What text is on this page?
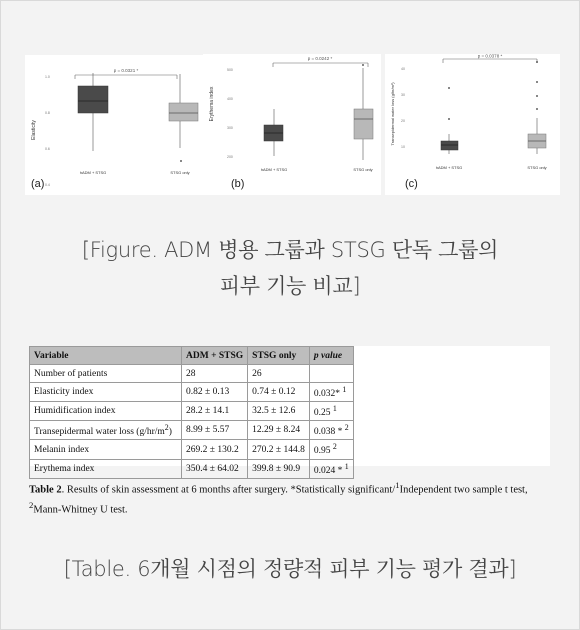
p = 0.0321 *
Elasticity
1.0
0.8
0.6
0.4
hADM + STSG	STSG only
(a)
p = 0.0242 *
Erythema index
500
400
300
200
hADM + STSG	STSG only
(b)
p = 0.0378 *
Transepidermal water loss (g/hr/m²)
40
30
20
10
hADM + STSG	STSG only
(c)
[Figure. ADM 병용 그룹과 STSG 단독 그룹의
피부 기능 비교]
Variable	ADM + STSG	STSG only	p value
Number of patients	28	26	
Elasticity index	0.82 ± 0.13	0.74 ± 0.12	0.032* $^1$
Humidification index	28.2 ± 14.1	32.5 ± 12.6	0.25 $^1$
Transepidermal water loss $(g/hr/m^2)$	8.99 ± 5.57	12.29 ± 8.24	0.038 * $^2$
Melanin index	269.2 ± 130.2	270.2 ± 144.8	0.95 $^2$
Erythema index	350.4 ± 64.02	399.8 ± 90.9	0.024 * $^1$
Table 2. Results of skin assessment at 6 months after surgery. *Statistically significant/$^1$Independent two sample t test, $^2$Mann-Whitney U test.
[Table. 6개월 시점의 정량적 피부 기능 평가 결과]
